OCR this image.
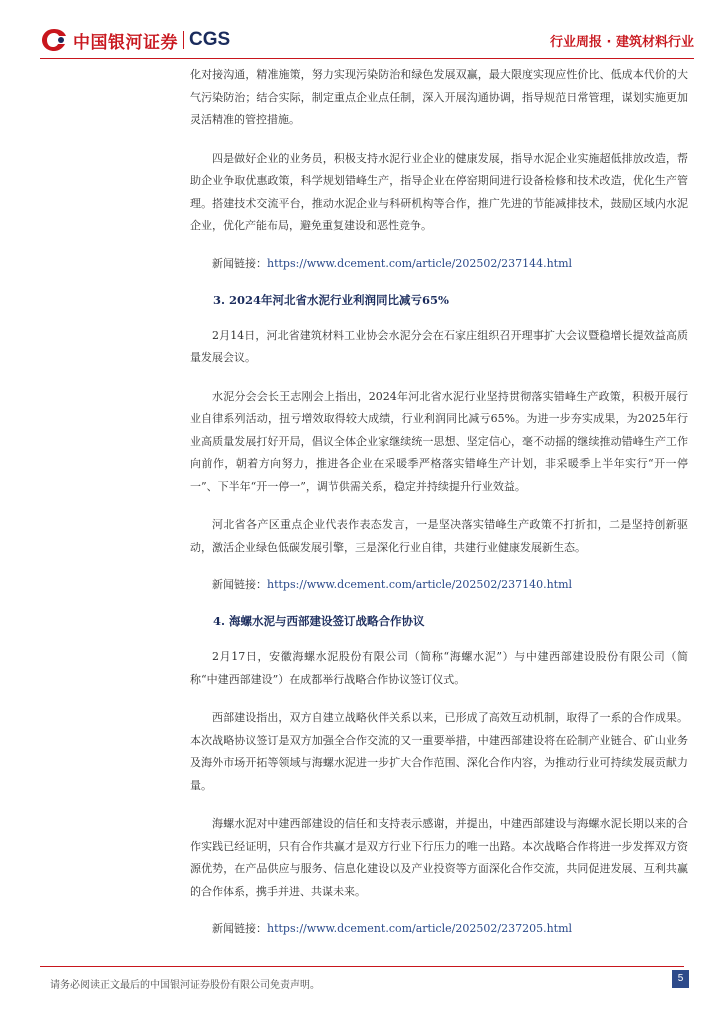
中国银河证券 CGS	行业周报 · 建筑材料行业

化对接沟通，精准施策，努力实现污染防治和绿色发展双赢，最大限度实现应性价比、低成本代价的大气污染防治；结合实际，制定重点企业点任制，深入开展沟通协调，指导规范日常管理，谋划实施更加灵活精准的管控措施。

四是做好企业的业务员，积极支持水泥行业企业的健康发展，指导水泥企业实施超低排放改造，帮助企业争取优惠政策，科学规划错峰生产，指导企业在停窑期间进行设备检修和技术改造，优化生产管理。搭建技术交流平台，推动水泥企业与科研机构等合作，推广先进的节能减排技术，鼓励区域内水泥企业，优化产能布局，避免重复建设和恶性竞争。

新闻链接：https://www.dcement.com/article/202502/237144.html

3. 2024年河北省水泥行业利润同比减亏65%

2月14日，河北省建筑材料工业协会水泥分会在石家庄组织召开理事扩大会议暨稳增长提效益高质量发展会议。

水泥分会会长王志刚会上指出，2024年河北省水泥行业坚持贯彻落实错峰生产政策，积极开展行业自律系列活动，扭亏增效取得较大成绩，行业利润同比减亏65%。为进一步夯实成果，为2025年行业高质量发展打好开局，倡议全体企业家继续统一思想、坚定信心，毫不动摇的继续推动错峰生产工作向前作，朝着方向努力，推进各企业在采暖季严格落实错峰生产计划，非采暖季上半年实行“开一停一”、下半年“开一停一”，调节供需关系，稳定并持续提升行业效益。

河北省各产区重点企业代表作表态发言，一是坚决落实错峰生产政策不打折扣，二是坚持创新驱动，激活企业绿色低碳发展引擎，三是深化行业自律，共建行业健康发展新生态。

新闻链接：https://www.dcement.com/article/202502/237140.html

4. 海螺水泥与西部建设签订战略合作协议

2月17日，安徽海螺水泥股份有限公司（简称“海螺水泥”）与中建西部建设股份有限公司（简称“中建西部建设”）在成都举行战略合作协议签订仪式。

西部建设指出，双方自建立战略伙伴关系以来，已形成了高效互动机制，取得了一系的合作成果。本次战略协议签订是双方加强全合作交流的又一重要举措，中建西部建设将在砼制产业链合、矿山业务及海外市场开拓等领域与海螺水泥进一步扩大合作范围、深化合作内容，为推动行业可持续发展贡献力量。

海螺水泥对中建西部建设的信任和支持表示感谢，并提出，中建西部建设与海螺水泥长期以来的合作实践已经证明，只有合作共赢才是双方行业下行压力的唯一出路。本次战略合作将进一步发挥双方资源优势，在产品供应与服务、信息化建设以及产业投资等方面深化合作交流，共同促进发展、互利共赢的合作体系，携手并进、共谋未来。

新闻链接：https://www.dcement.com/article/202502/237205.html

请务必阅读正文最后的中国银河证券股份有限公司免责声明。
5
